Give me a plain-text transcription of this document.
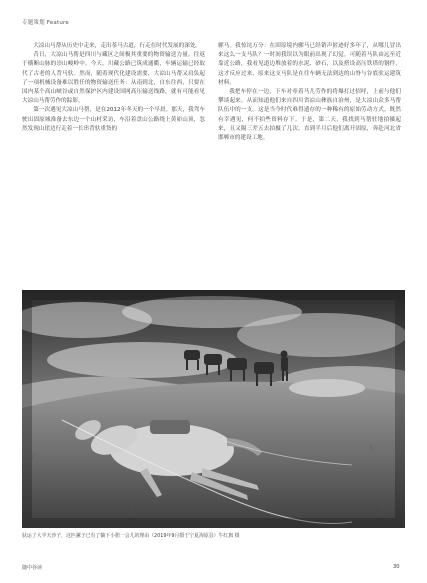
专题策划 Feature

大凉山马帮从历史中走来，走出茶马古道，行走在时代发展的深处。

昔日，大凉山马帮是四川与藏区之间极其重要的物资输送力量。往返于横断山脉的崇山峻岭中。今天，川藏公路已筑成通衢，车辆运输已经取代了古老的人背马驮。然而，随着现代化建设需要，大凉山马帮又肩负起了一项机械设备难以胜任的物资输送任务：从南到北，自东往西，只要在国内某个高山峡谷或自然保护区内建设国网高压输送线路，就有可能看见大凉山马帮劳作的踪影。

第一次遇见大凉山马帮，是在2012年冬天的一个早晨。那天，我驾车驶出固原城准备去东边一个山村采访，车沿着盘山公路绕上黄峁山顶，忽然发现山崖边行走着一长串背驮重货的

骡马。我惊诧万分：在固原境内骡马已经销声匿迹好多年了，从哪儿冒出来这么一支马队？一时间我误以为眼前出现了幻觉。可随着马队由远至近靠近公路，我看见道边堆放着的水泥、砂石，以及搭设高压铁塔的钢件，这才反应过来，原来这支马队是在往车辆无法到达的山脊与谷底驮运建筑材料。

我把车停在一边，下车对牵着马儿劳作的将爆打过招呼，上前与他们攀谈起来。从而知道他们来自四川省凉山彝族自治州，是大凉山众多马帮队伍中的一支。这是当今时代难得遗存的一种稀有的原始劳动方式，既然有幸遇见，何不拍些资料存下。于是，第二天，我找到马帮驻地拍摄起来，且又隔三差五去拍摄了几次，直到半月后他们离开固原，奔赴河北省邯郸市的建设工地。

驮运了大半天沙子，这匹骡子已有了躺下小憩一会儿的理由（2019年9月摄于宁夏海原县）牛红旗 摄
随中谷读	30
